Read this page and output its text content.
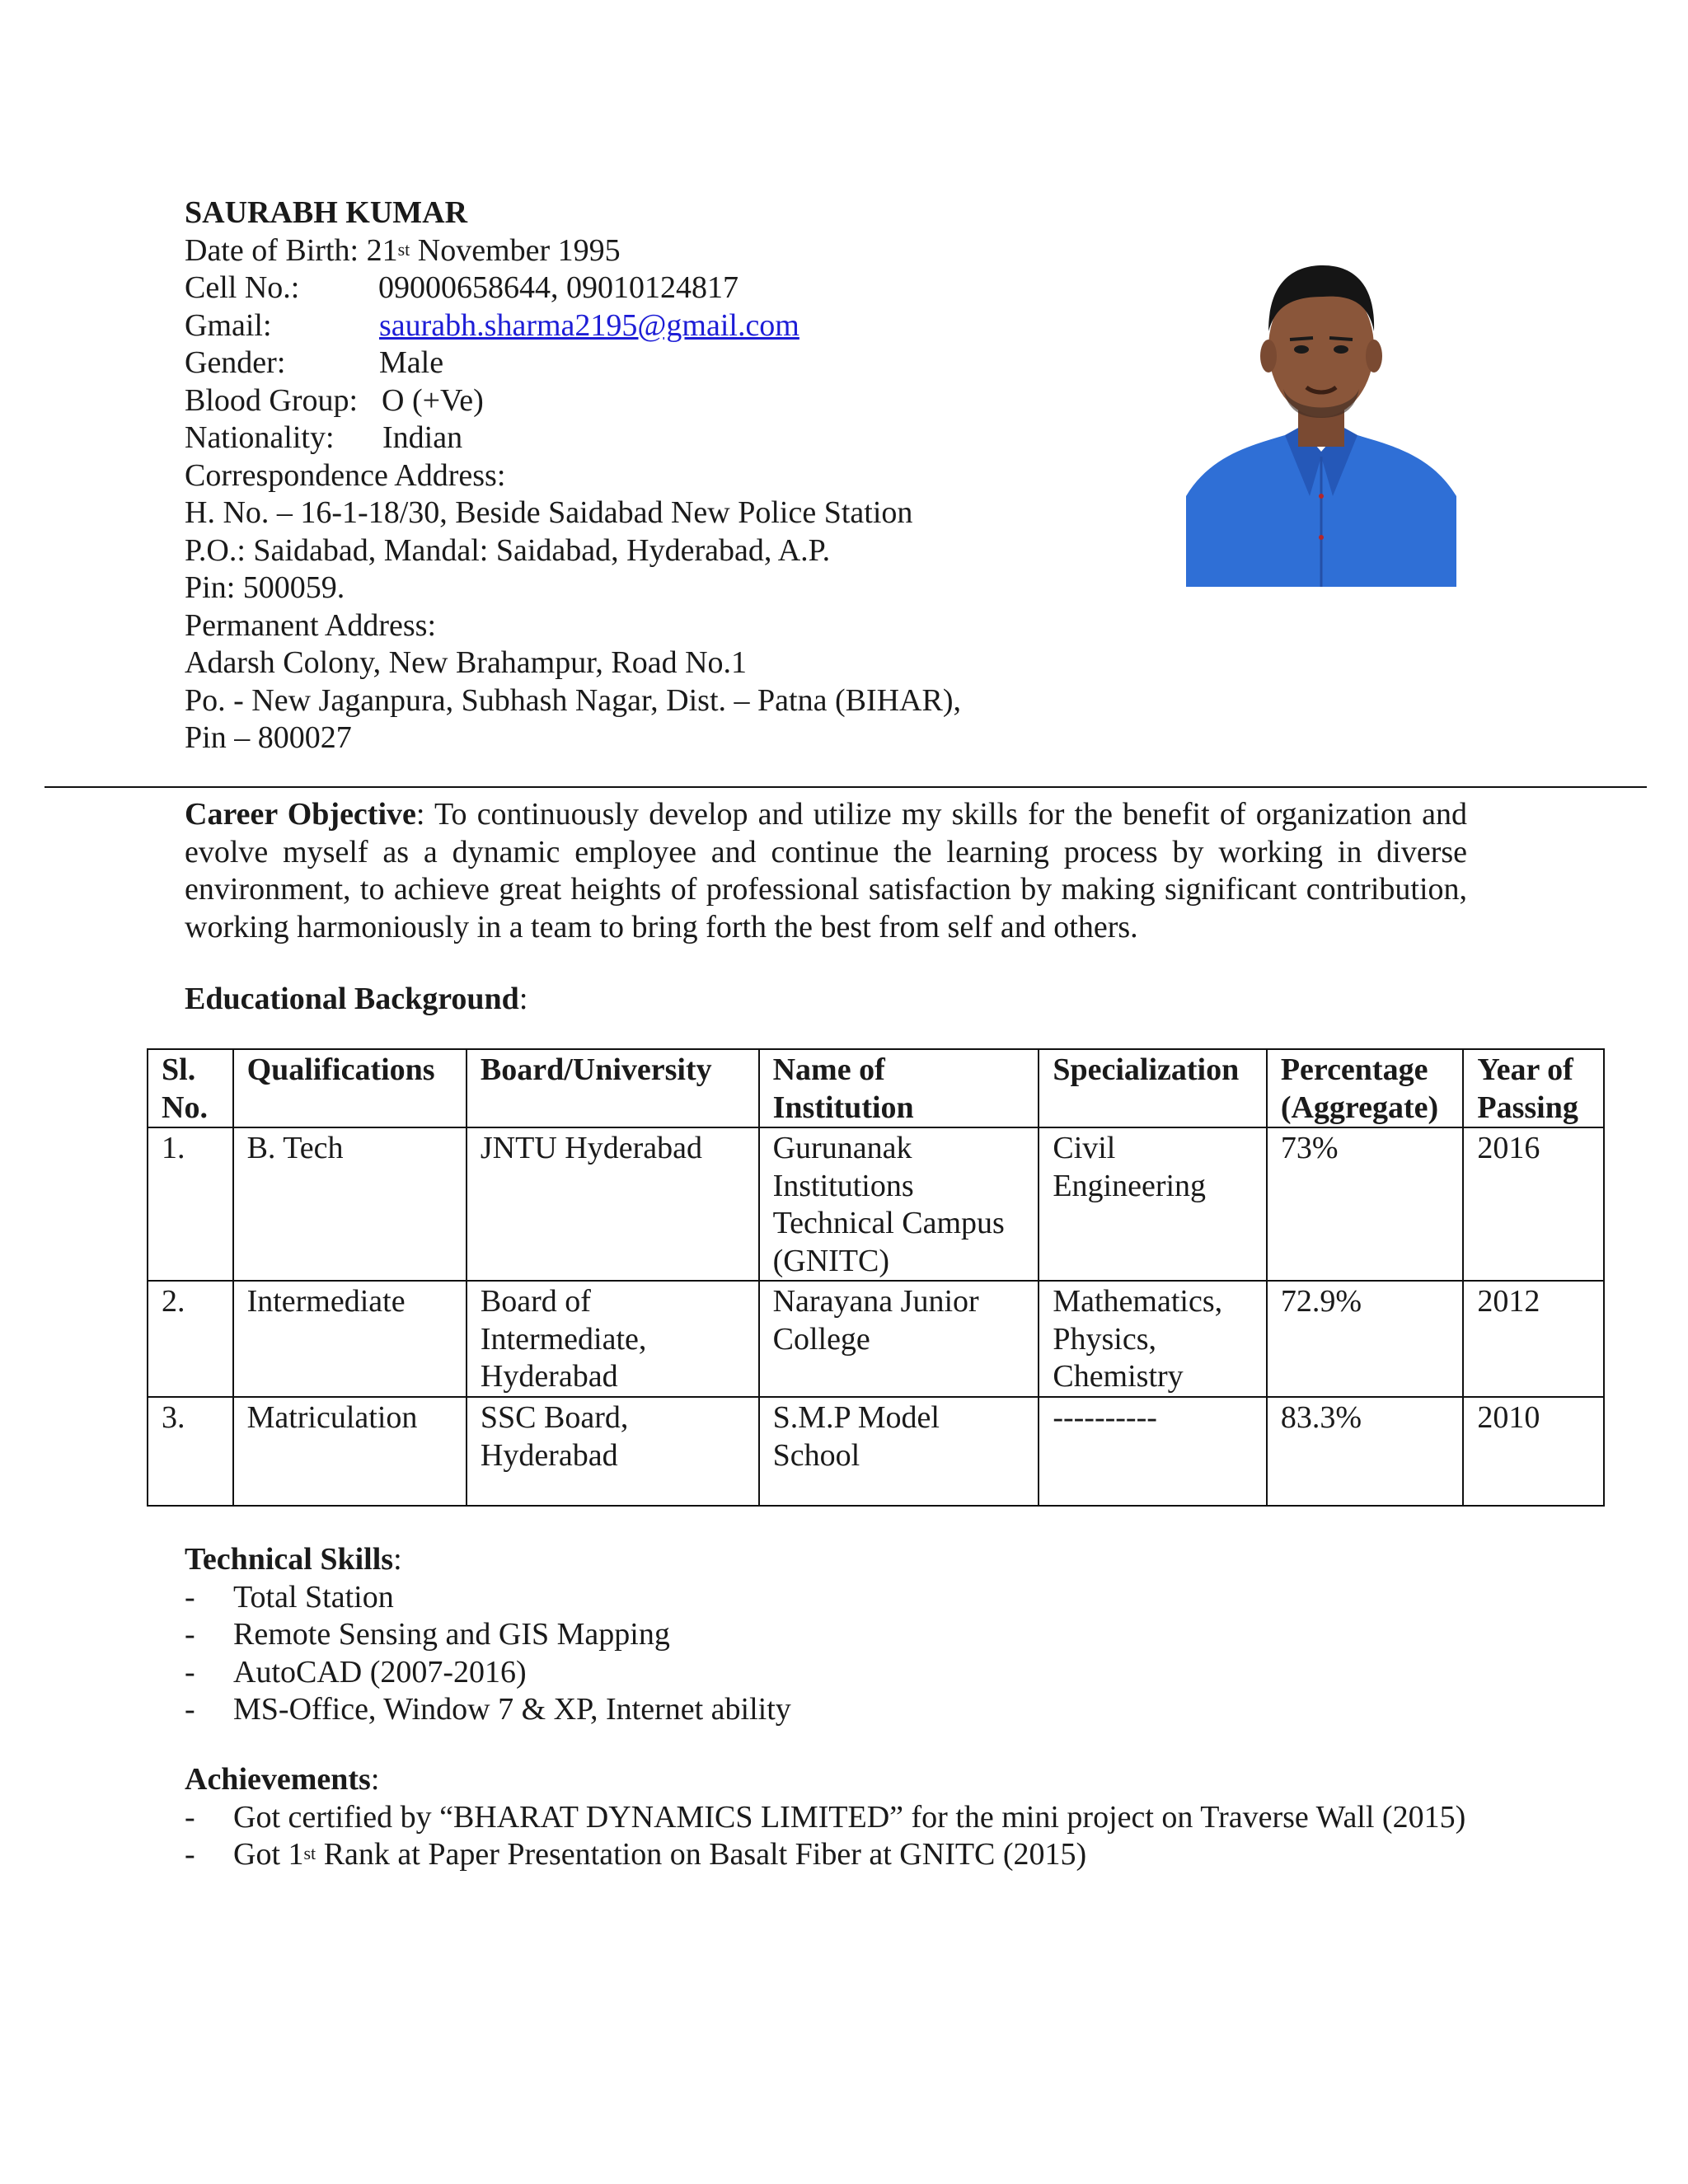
SAURABH KUMAR
Date of Birth: 21st November 1995
Cell No.:	09000658644, 09010124817
Gmail:	saurabh.sharma2195@gmail.com
Gender:	Male
Blood Group: O (+Ve)
Nationality: Indian
Correspondence Address:
H. No. – 16-1-18/30, Beside Saidabad New Police Station
P.O.: Saidabad, Mandal: Saidabad, Hyderabad, A.P.
Pin: 500059.
Permanent Address:
Adarsh Colony, New Brahampur, Road No.1
Po. - New Jaganpura, Subhash Nagar, Dist. – Patna (BIHAR),
Pin – 800027
Career Objective: To continuously develop and utilize my skills for the benefit of organization and evolve myself as a dynamic employee and continue the learning process by working in diverse environment, to achieve great heights of professional satisfaction by making significant contribution, working harmoniously in a team to bring forth the best from self and others.
Educational Background:
Sl. No.	Qualifications	Board/University	Name of Institution	Specialization	Percentage (Aggregate)	Year of Passing
1.	B. Tech	JNTU Hyderabad	Gurunanak Institutions Technical Campus (GNITC)	Civil Engineering	73%	2016
2.	Intermediate	Board of Intermediate, Hyderabad	Narayana Junior College	Mathematics, Physics, Chemistry	72.9%	2012
3.	Matriculation	SSC Board, Hyderabad	S.M.P Model School	----------	83.3%	2010
Technical Skills:
- Total Station
- Remote Sensing and GIS Mapping
- AutoCAD (2007-2016)
- MS-Office, Window 7 & XP, Internet ability
Achievements:
- Got certified by “BHARAT DYNAMICS LIMITED” for the mini project on Traverse Wall (2015)
- Got 1st Rank at Paper Presentation on Basalt Fiber at GNITC (2015)
